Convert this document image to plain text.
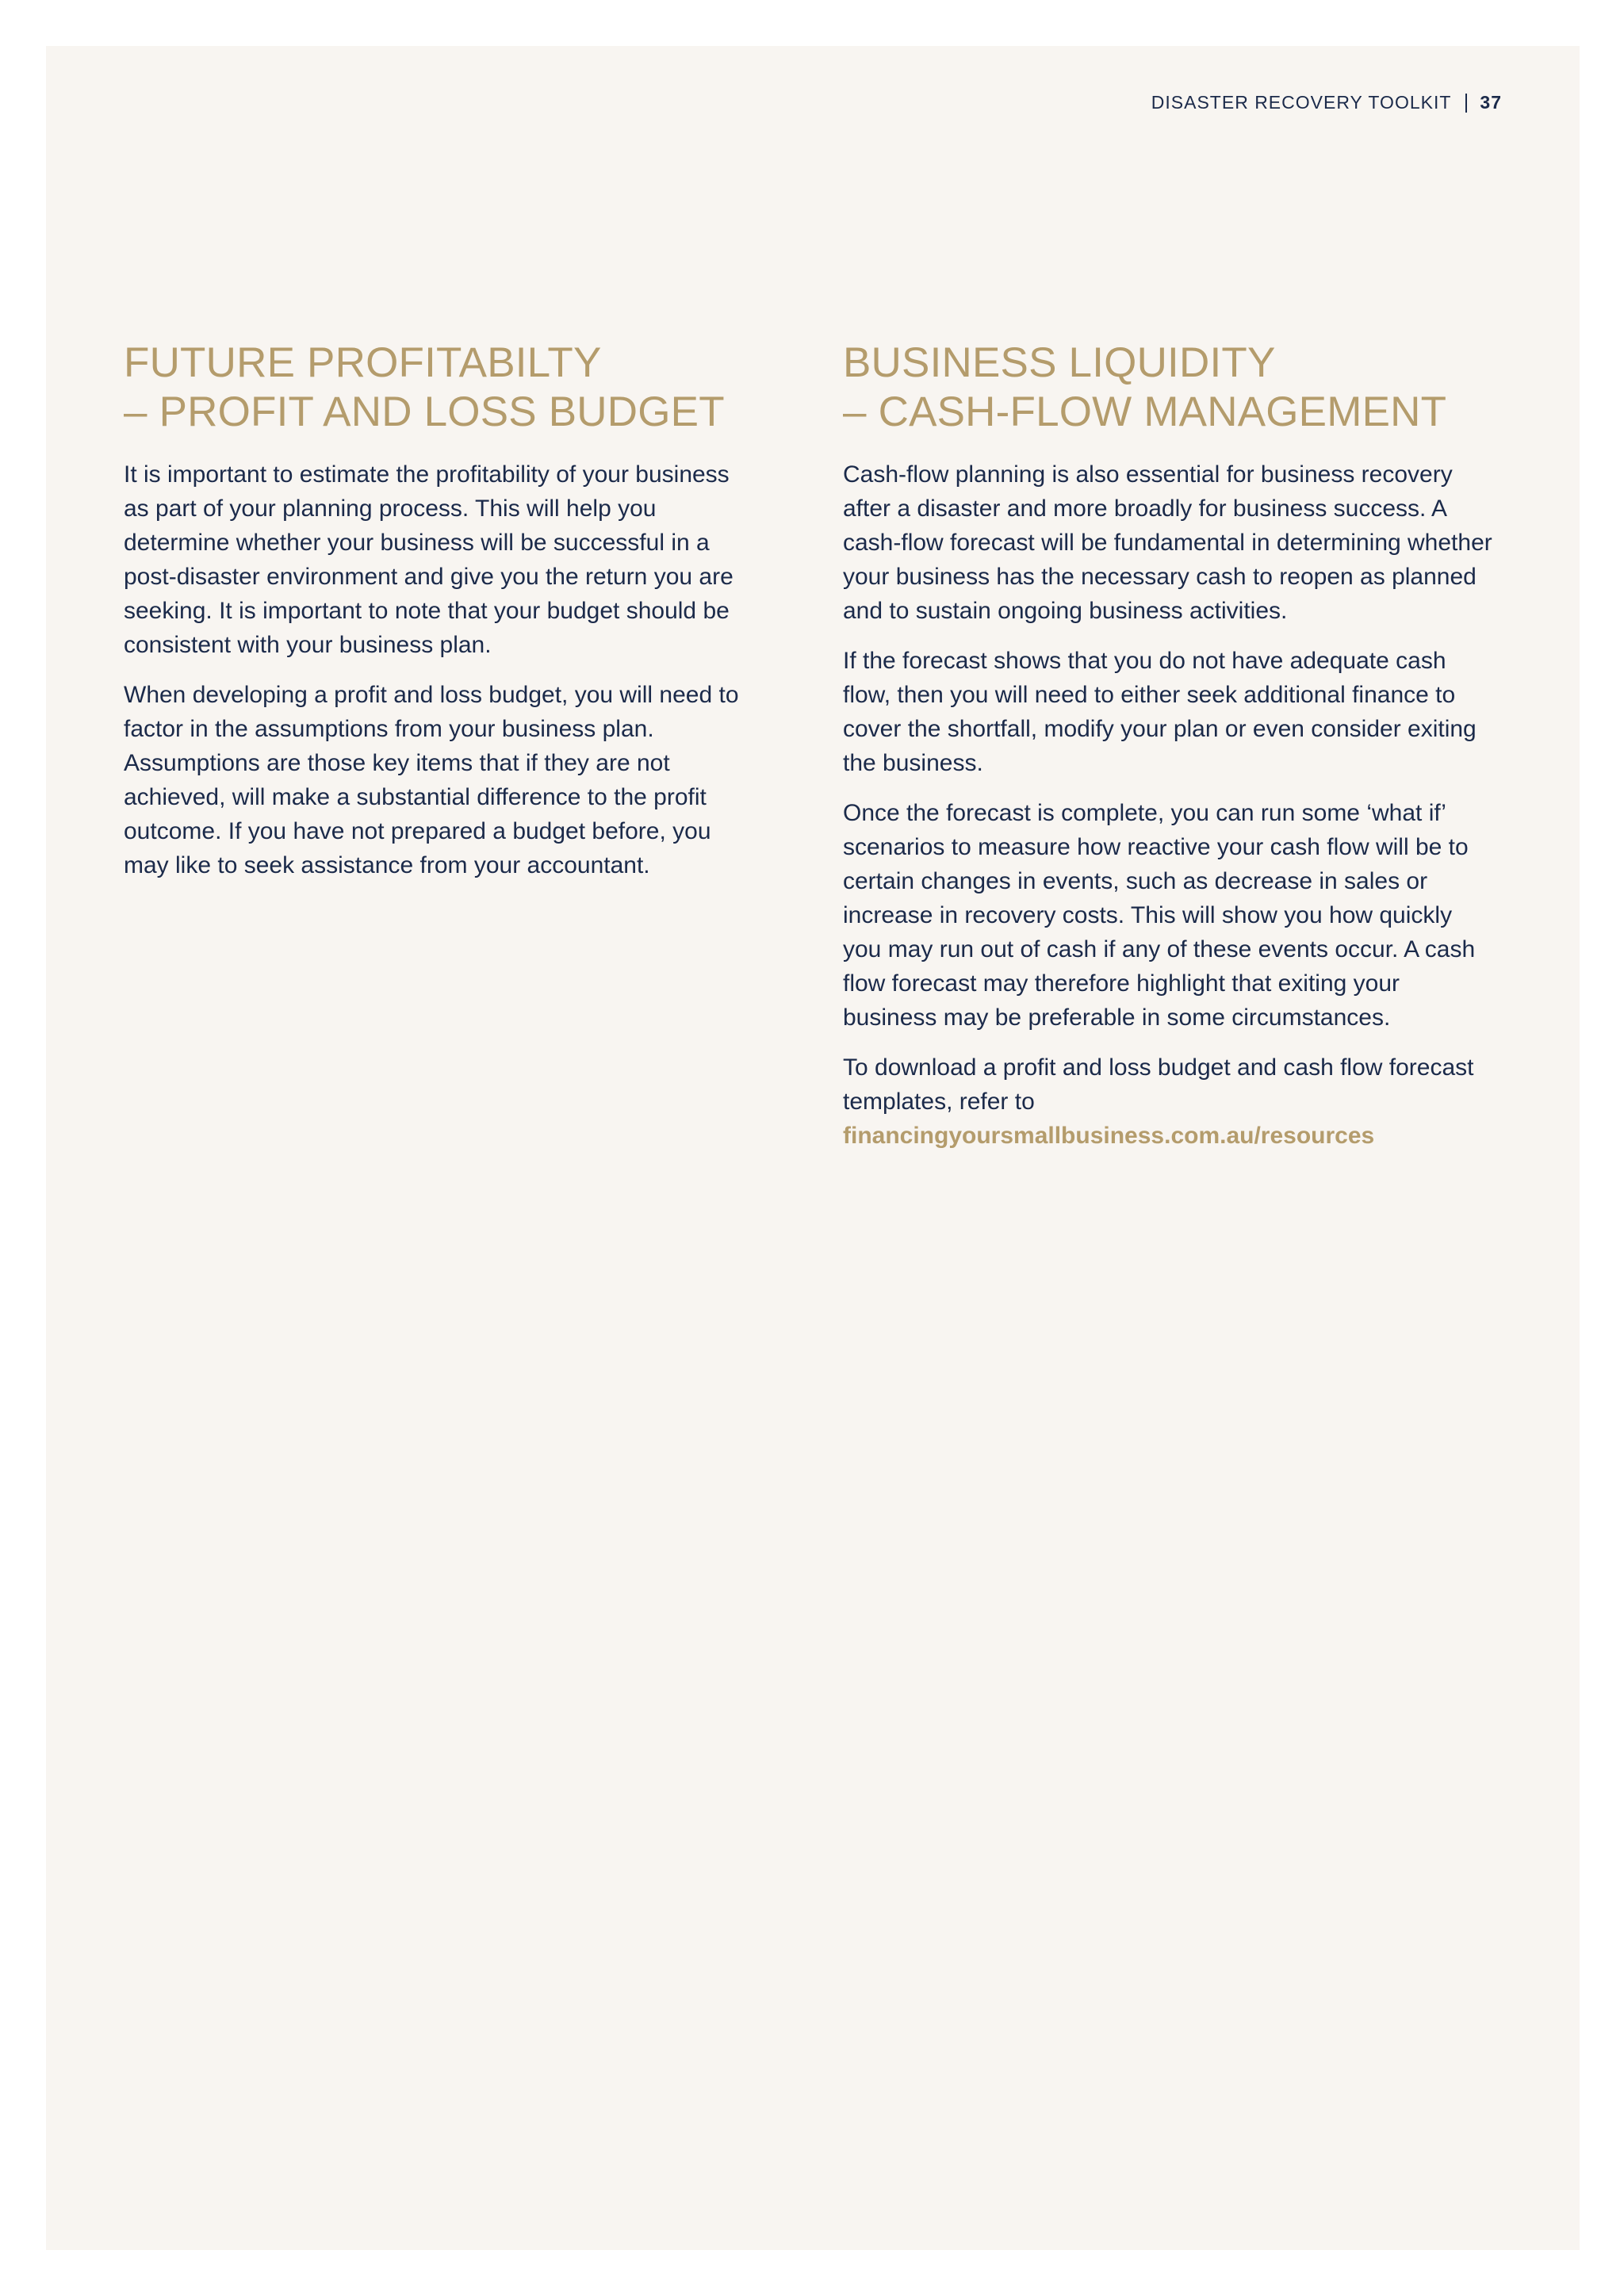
DISASTER RECOVERY TOOLKIT 37
FUTURE PROFITABILTY
– PROFIT AND LOSS BUDGET

It is important to estimate the profitability of your business as part of your planning process. This will help you determine whether your business will be successful in a post-disaster environment and give you the return you are seeking. It is important to note that your budget should be consistent with your business plan.

When developing a profit and loss budget, you will need to factor in the assumptions from your business plan. Assumptions are those key items that if they are not achieved, will make a substantial difference to the profit outcome. If you have not prepared a budget before, you may like to seek assistance from your accountant.

BUSINESS LIQUIDITY
– CASH-FLOW MANAGEMENT

Cash-flow planning is also essential for business recovery after a disaster and more broadly for business success. A cash-flow forecast will be fundamental in determining whether your business has the necessary cash to reopen as planned and to sustain ongoing business activities.

If the forecast shows that you do not have adequate cash flow, then you will need to either seek additional finance to cover the shortfall, modify your plan or even consider exiting the business.

Once the forecast is complete, you can run some ‘what if’ scenarios to measure how reactive your cash flow will be to certain changes in events, such as decrease in sales or increase in recovery costs. This will show you how quickly you may run out of cash if any of these events occur. A cash flow forecast may therefore highlight that exiting your business may be preferable in some circumstances.

To download a profit and loss budget and cash flow forecast templates, refer to financingyoursmallbusiness.com.au/resources
